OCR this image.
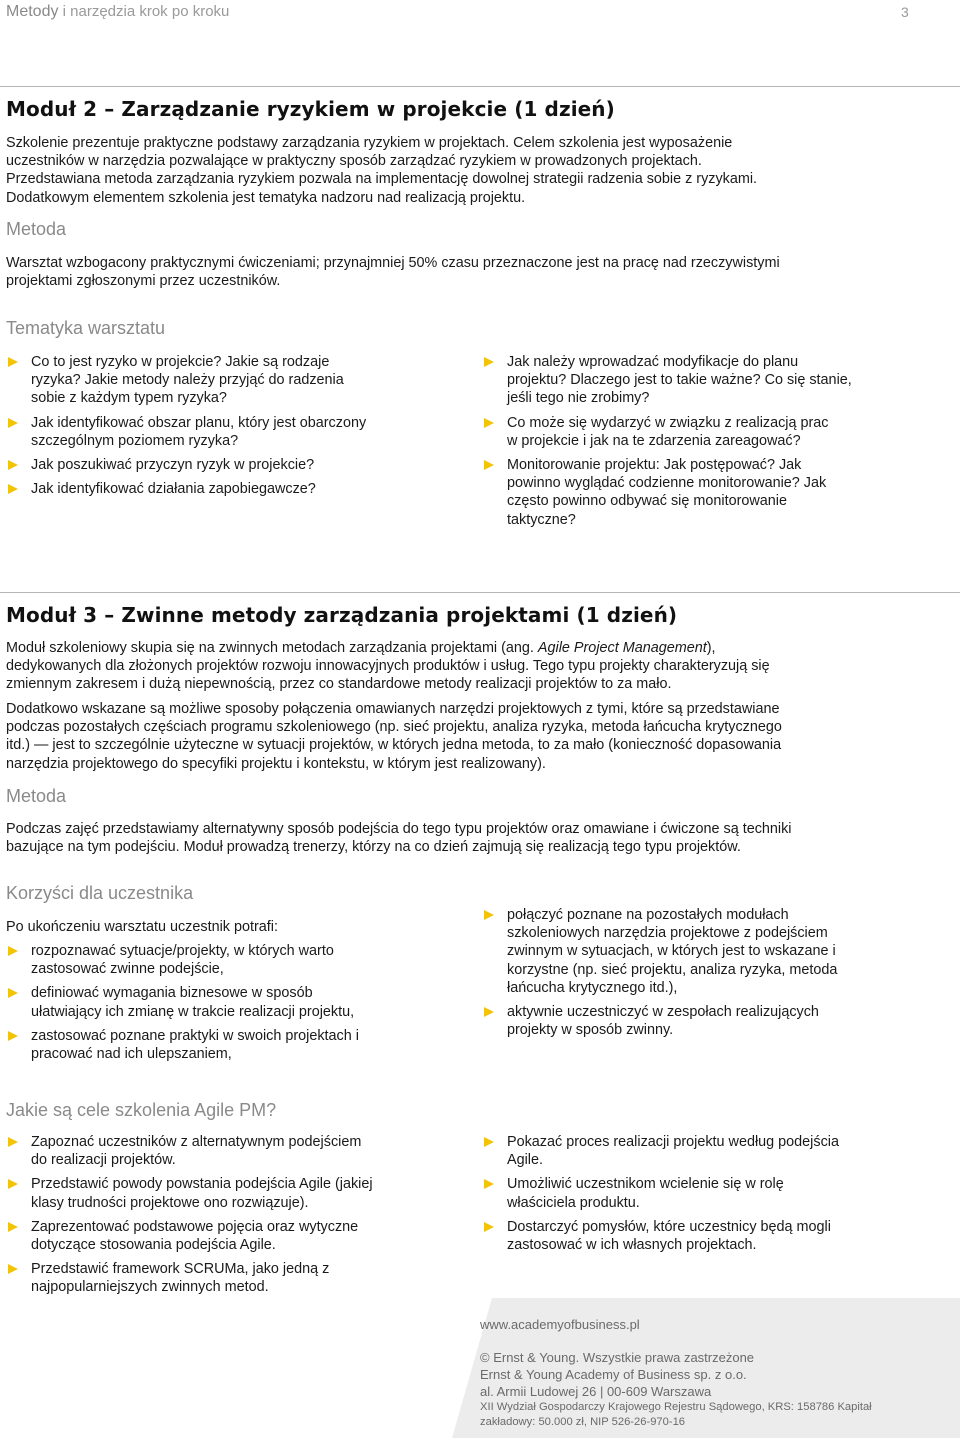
Metody i narzędzia krok po kroku	3
Moduł 2 – Zarządzanie ryzykiem w projekcie (1 dzień)
Szkolenie prezentuje praktyczne podstawy zarządzania ryzykiem w projektach. Celem szkolenia jest wyposażenie
uczestników w narzędzia pozwalające w praktyczny sposób zarządzać ryzykiem w prowadzonych projektach.
Przedstawiana metoda zarządzania ryzykiem pozwala na implementację dowolnej strategii radzenia sobie z ryzykami.
Dodatkowym elementem szkolenia jest tematyka nadzoru nad realizacją projektu.
Metoda
Warsztat wzbogacony praktycznymi ćwiczeniami; przynajmniej 50% czasu przeznaczone jest na pracę nad rzeczywistymi
projektami zgłoszonymi przez uczestników.
Tematyka warsztatu
Co to jest ryzyko w projekcie? Jakie są rodzaje
ryzyka? Jakie metody należy przyjąć do radzenia
sobie z każdym typem ryzyka?
Jak identyfikować obszar planu, który jest obarczony
szczególnym poziomem ryzyka?
Jak poszukiwać przyczyn ryzyk w projekcie?
Jak identyfikować działania zapobiegawcze?
Jak należy wprowadzać modyfikacje do planu
projektu? Dlaczego jest to takie ważne? Co się stanie,
jeśli tego nie zrobimy?
Co może się wydarzyć w związku z realizacją prac
w projekcie i jak na te zdarzenia zareagować?
Monitorowanie projektu: Jak postępować? Jak
powinno wyglądać codzienne monitorowanie? Jak
często powinno odbywać się monitorowanie
taktyczne?
Moduł 3 – Zwinne metody zarządzania projektami (1 dzień)
Moduł szkoleniowy skupia się na zwinnych metodach zarządzania projektami (ang. Agile Project Management),
dedykowanych dla złożonych projektów rozwoju innowacyjnych produktów i usług. Tego typu projekty charakteryzują się
zmiennym zakresem i dużą niepewnością, przez co standardowe metody realizacji projektów to za mało.
Dodatkowo wskazane są możliwe sposoby połączenia omawianych narzędzi projektowych z tymi, które są przedstawiane
podczas pozostałych częściach programu szkoleniowego (np. sieć projektu, analiza ryzyka, metoda łańcucha krytycznego
itd.) — jest to szczególnie użyteczne w sytuacji projektów, w których jedna metoda, to za mało (konieczność dopasowania
narzędzia projektowego do specyfiki projektu i kontekstu, w którym jest realizowany).
Metoda
Podczas zajęć przedstawiamy alternatywny sposób podejścia do tego typu projektów oraz omawiane i ćwiczone są techniki
bazujące na tym podejściu. Moduł prowadzą trenerzy, którzy na co dzień zajmują się realizacją tego typu projektów.
Korzyści dla uczestnika
Po ukończeniu warsztatu uczestnik potrafi:
rozpoznawać sytuacje/projekty, w których warto
zastosować zwinne podejście,
definiować wymagania biznesowe w sposób
ułatwiający ich zmianę w trakcie realizacji projektu,
zastosować poznane praktyki w swoich projektach i
pracować nad ich ulepszaniem,
połączyć poznane na pozostałych modułach
szkoleniowych narzędzia projektowe z podejściem
zwinnym w sytuacjach, w których jest to wskazane i
korzystne (np. sieć projektu, analiza ryzyka, metoda
łańcucha krytycznego itd.),
aktywnie uczestniczyć w zespołach realizujących
projekty w sposób zwinny.
Jakie są cele szkolenia Agile PM?
Zapoznać uczestników z alternatywnym podejściem
do realizacji projektów.
Przedstawić powody powstania podejścia Agile (jakiej
klasy trudności projektowe ono rozwiązuje).
Zaprezentować podstawowe pojęcia oraz wytyczne
dotyczące stosowania podejścia Agile.
Przedstawić framework SCRUMa, jako jedną z
najpopularniejszych zwinnych metod.
Pokazać proces realizacji projektu według podejścia
Agile.
Umożliwić uczestnikom wcielenie się w rolę
właściciela produktu.
Dostarczyć pomysłów, które uczestnicy będą mogli
zastosować w ich własnych projektach.
www.academyofbusiness.pl
© Ernst & Young. Wszystkie prawa zastrzeżone
Ernst & Young Academy of Business sp. z o.o.
al. Armii Ludowej 26 | 00-609 Warszawa
XII Wydział Gospodarczy Krajowego Rejestru Sądowego, KRS: 158786 Kapitał
zakładowy: 50.000 zł, NIP 526-26-970-16
